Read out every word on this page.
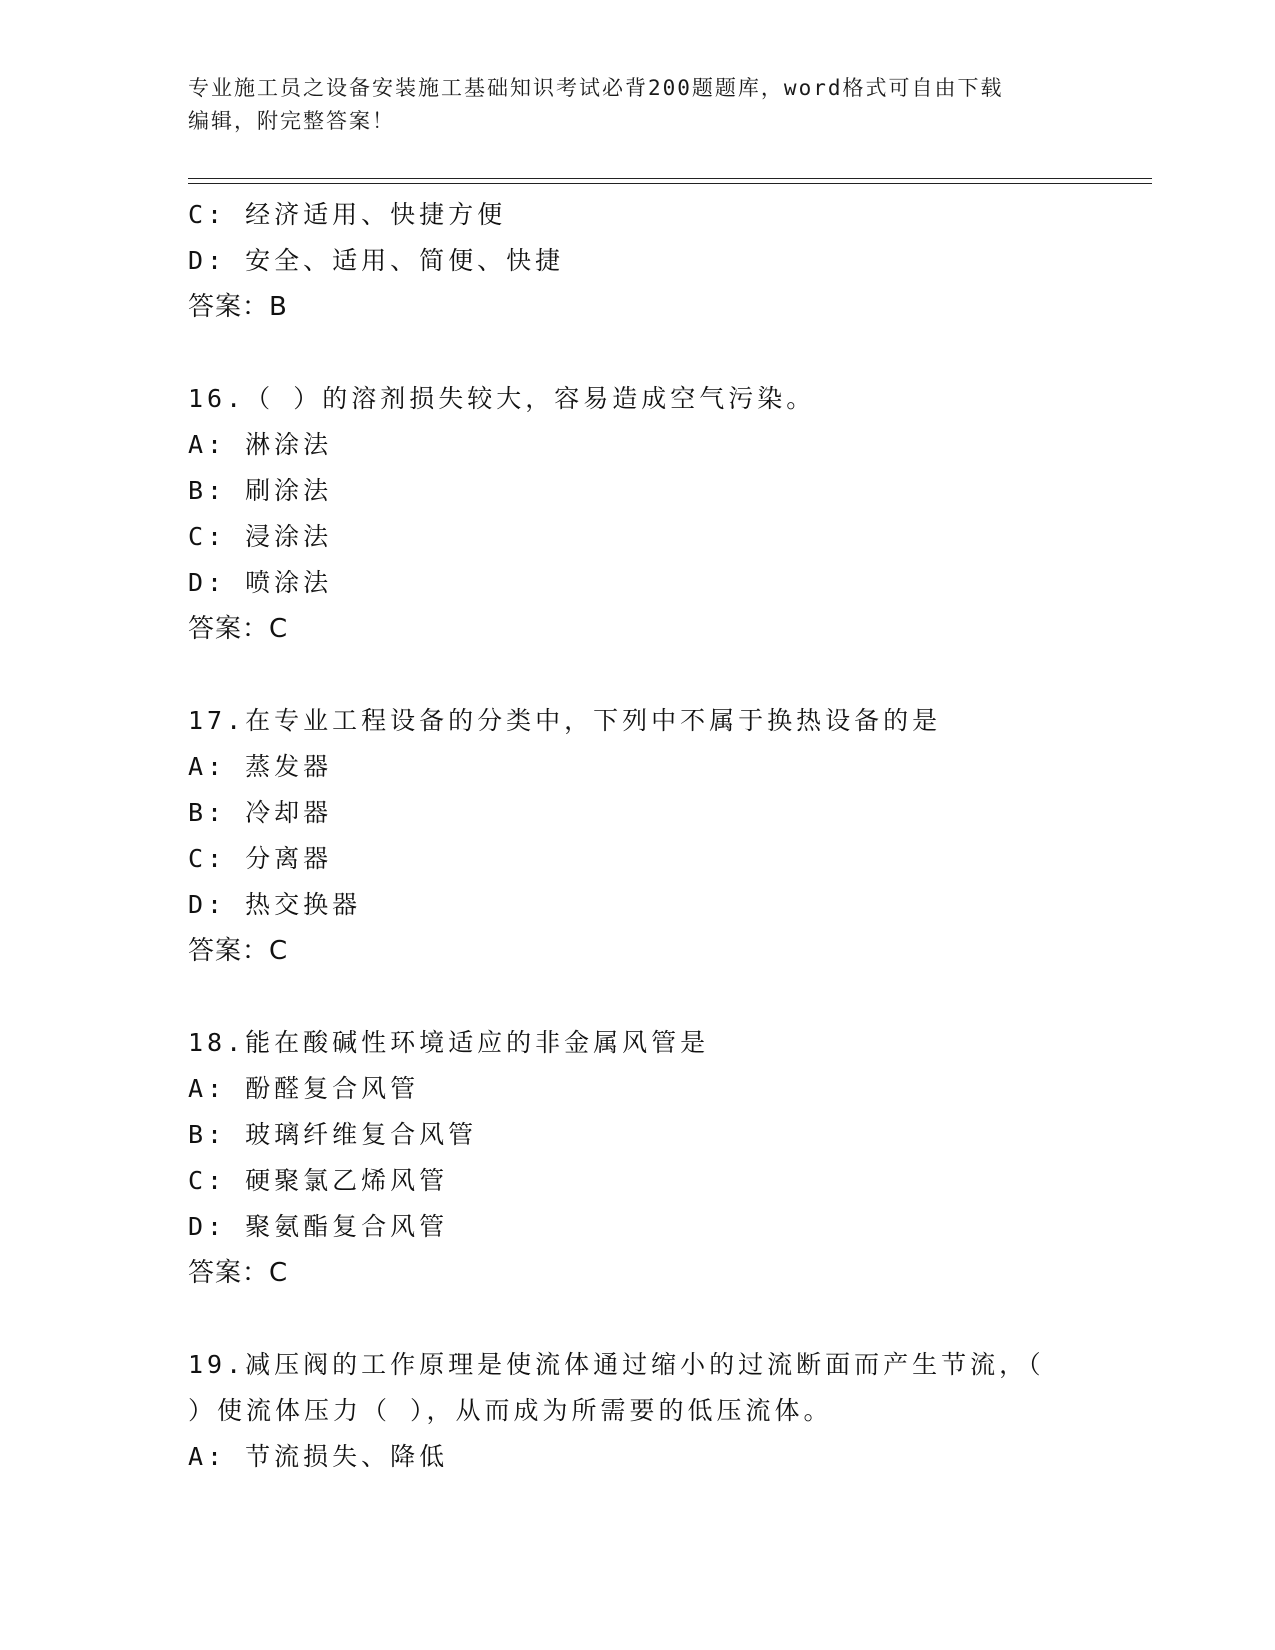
专业施工员之设备安装施工基础知识考试必背200题题库，word格式可自由下载
编辑，附完整答案！
C: 经济适用、快捷方便
D: 安全、适用、简便、快捷
答案：B
16.（ ）的溶剂损失较大，容易造成空气污染。
A: 淋涂法
B: 刷涂法
C: 浸涂法
D: 喷涂法
答案：C
17.在专业工程设备的分类中，下列中不属于换热设备的是
A: 蒸发器
B: 冷却器
C: 分离器
D: 热交换器
答案：C
18.能在酸碱性环境适应的非金属风管是
A: 酚醛复合风管
B: 玻璃纤维复合风管
C: 硬聚氯乙烯风管
D: 聚氨酯复合风管
答案：C
19.减压阀的工作原理是使流体通过缩小的过流断面而产生节流，（
）使流体压力（ ），从而成为所需要的低压流体。
A: 节流损失、降低
